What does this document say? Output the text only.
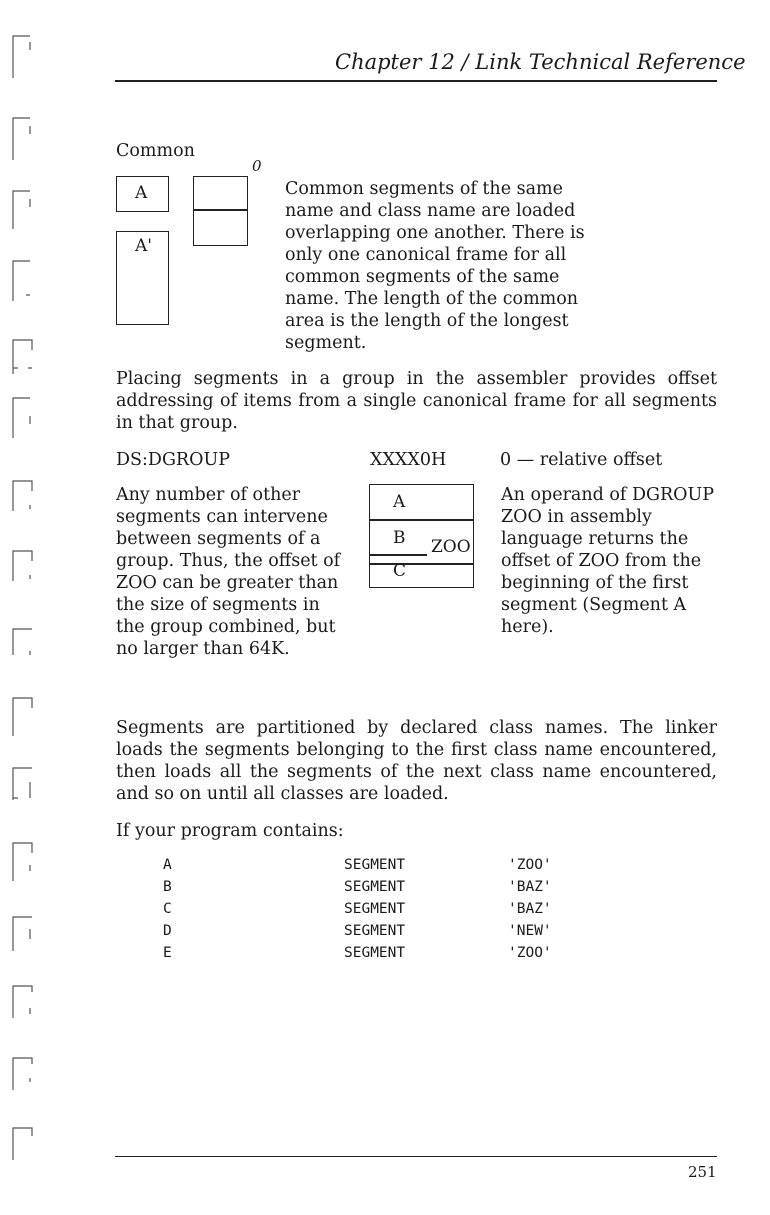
Chapter 12 / Link Technical Reference
Common
0
A
A'
Common segments of the same name and class name are loaded overlapping one another. There is only one canonical frame for all common segments of the same name. The length of the common area is the length of the longest segment.
Placing segments in a group in the assembler provides offset addressing of items from a single canonical frame for all segments in that group.
DS:DGROUP	XXXX0H	0 — relative offset
Any number of other segments can intervene between segments of a group. Thus, the offset of ZOO can be greater than the size of segments in the group combined, but no larger than 64K.
A
B ZOO
C
An operand of DGROUP ZOO in assembly language returns the offset of ZOO from the beginning of the first segment (Segment A here).
Segments are partitioned by declared class names. The linker loads the segments belonging to the first class name encountered, then loads all the segments of the next class name encountered, and so on until all classes are loaded.
If your program contains:
A	SEGMENT	'ZOO'
B	SEGMENT	'BAZ'
C	SEGMENT	'BAZ'
D	SEGMENT	'NEW'
E	SEGMENT	'ZOO'
251
